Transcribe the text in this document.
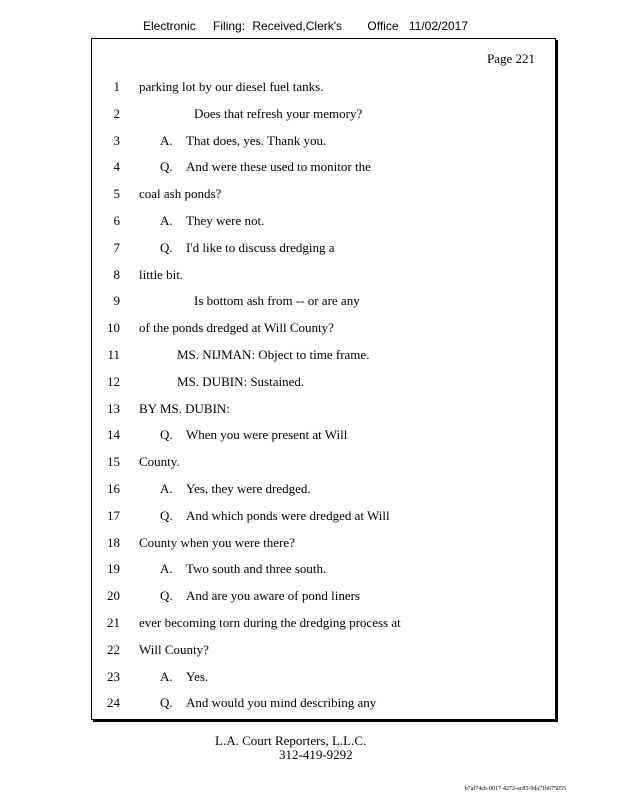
Electronic Filing: Received,Clerk's Office 11/02/2017
Page 221
1 parking lot by our diesel fuel tanks.
2	Does that refresh your memory?
3	A. That does, yes. Thank you.
4	Q. And were these used to monitor the
5 coal ash ponds?
6	A. They were not.
7	Q. I'd like to discuss dredging a
8 little bit.
9	Is bottom ash from -- or are any
10 of the ponds dredged at Will County?
11	MS. NIJMAN: Object to time frame.
12	MS. DUBIN: Sustained.
13 BY MS. DUBIN:
14	Q. When you were present at Will
15 County.
16	A. Yes, they were dredged.
17	Q. And which ponds were dredged at Will
18 County when you were there?
19	A. Two south and three south.
20	Q. And are you aware of pond liners
21 ever becoming torn during the dredging process at
22 Will County?
23	A. Yes.
24	Q. And would you mind describing any
L.A. Court Reporters, L.L.C.
312-419-9292
b7af74cb-0017-4273-ac85-9da71b675055
